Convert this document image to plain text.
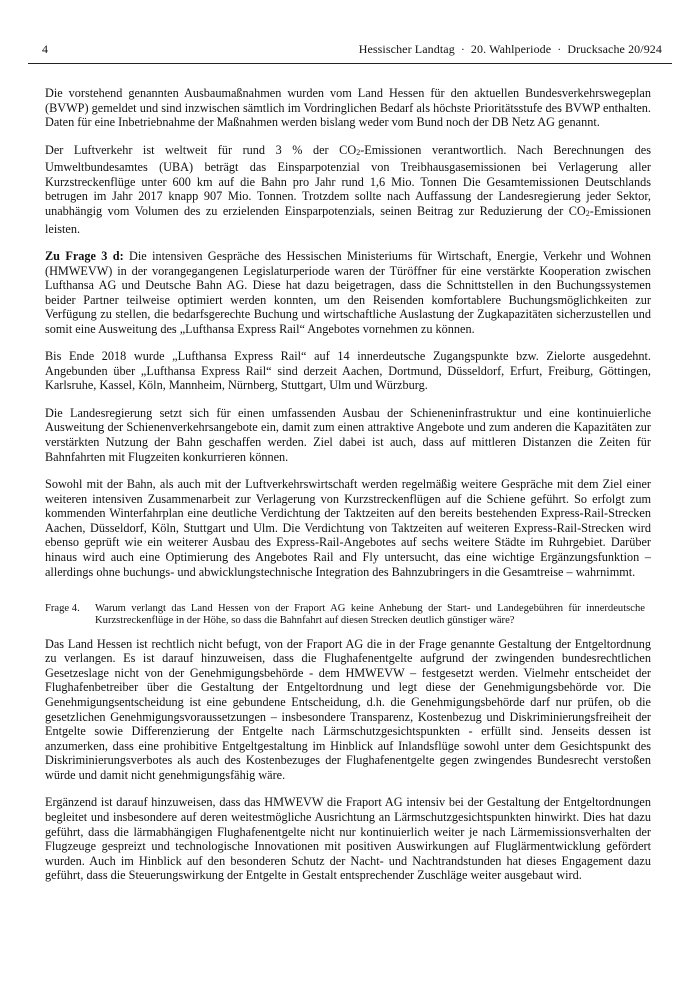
4	Hessischer Landtag · 20. Wahlperiode · Drucksache 20/924

Die vorstehend genannten Ausbaumaßnahmen wurden vom Land Hessen für den aktuellen Bundesverkehrswegeplan (BVWP) gemeldet und sind inzwischen sämtlich im Vordringlichen Bedarf als höchste Prioritätsstufe des BVWP enthalten. Daten für eine Inbetriebnahme der Maßnahmen werden bislang weder vom Bund noch der DB Netz AG genannt.

Der Luftverkehr ist weltweit für rund 3 % der $CO_2$-Emissionen verantwortlich. Nach Berechnungen des Umweltbundesamtes (UBA) beträgt das Einsparpotenzial von Treibhausgasemissionen bei Verlagerung aller Kurzstreckenflüge unter 600 km auf die Bahn pro Jahr rund 1,6 Mio. Tonnen Die Gesamtemissionen Deutschlands betrugen im Jahr 2017 knapp 907 Mio. Tonnen. Trotzdem sollte nach Auffassung der Landesregierung jeder Sektor, unabhängig vom Volumen des zu erzielenden Einsparpotenzials, seinen Beitrag zur Reduzierung der $CO_2$-Emissionen leisten.

Zu Frage 3 d: Die intensiven Gespräche des Hessischen Ministeriums für Wirtschaft, Energie, Verkehr und Wohnen (HMWEVW) in der vorangegangenen Legislaturperiode waren der Türöffner für eine verstärkte Kooperation zwischen Lufthansa AG und Deutsche Bahn AG. Diese hat dazu beigetragen, dass die Schnittstellen in den Buchungssystemen beider Partner teilweise optimiert werden konnten, um den Reisenden komfortablere Buchungsmöglichkeiten zur Verfügung zu stellen, die bedarfsgerechte Buchung und wirtschaftliche Auslastung der Zugkapazitäten sicherzustellen und somit eine Ausweitung des „Lufthansa Express Rail“ Angebotes vornehmen zu können.

Bis Ende 2018 wurde „Lufthansa Express Rail“ auf 14 innerdeutsche Zugangspunkte bzw. Zielorte ausgedehnt. Angebunden über „Lufthansa Express Rail“ sind derzeit Aachen, Dortmund, Düsseldorf, Erfurt, Freiburg, Göttingen, Karlsruhe, Kassel, Köln, Mannheim, Nürnberg, Stuttgart, Ulm und Würzburg.

Die Landesregierung setzt sich für einen umfassenden Ausbau der Schieneninfrastruktur und eine kontinuierliche Ausweitung der Schienenverkehrsangebote ein, damit zum einen attraktive Angebote und zum anderen die Kapazitäten zur verstärkten Nutzung der Bahn geschaffen werden. Ziel dabei ist auch, dass auf mittleren Distanzen die Zeiten für Bahnfahrten mit Flugzeiten konkurrieren können.

Sowohl mit der Bahn, als auch mit der Luftverkehrswirtschaft werden regelmäßig weitere Gespräche mit dem Ziel einer weiteren intensiven Zusammenarbeit zur Verlagerung von Kurzstreckenflügen auf die Schiene geführt. So erfolgt zum kommenden Winterfahrplan eine deutliche Verdichtung der Taktzeiten auf den bereits bestehenden Express-Rail-Strecken Aachen, Düsseldorf, Köln, Stuttgart und Ulm. Die Verdichtung von Taktzeiten auf weiteren Express-Rail-Strecken wird ebenso geprüft wie ein weiterer Ausbau des Express-Rail-Angebotes auf sechs weitere Städte im Ruhrgebiet. Darüber hinaus wird auch eine Optimierung des Angebotes Rail and Fly untersucht, das eine wichtige Ergänzungsfunktion – allerdings ohne buchungs- und abwicklungstechnische Integration des Bahnzubringers in die Gesamtreise – wahrnimmt.

Frage 4.	Warum verlangt das Land Hessen von der Fraport AG keine Anhebung der Start- und Landegebühren für innerdeutsche Kurzstreckenflüge in der Höhe, so dass die Bahnfahrt auf diesen Strecken deutlich günstiger wäre?

Das Land Hessen ist rechtlich nicht befugt, von der Fraport AG die in der Frage genannte Gestaltung der Entgeltordnung zu verlangen. Es ist darauf hinzuweisen, dass die Flughafenentgelte aufgrund der zwingenden bundesrechtlichen Gesetzeslage nicht von der Genehmigungsbehörde - dem HMWEVW – festgesetzt werden. Vielmehr entscheidet der Flughafenbetreiber über die Gestaltung der Entgeltordnung und legt diese der Genehmigungsbehörde vor. Die Genehmigungsentscheidung ist eine gebundene Entscheidung, d.h. die Genehmigungsbehörde darf nur prüfen, ob die gesetzlichen Genehmigungsvoraussetzungen – insbesondere Transparenz, Kostenbezug und Diskriminierungsfreiheit der Entgelte sowie Differenzierung der Entgelte nach Lärmschutzgesichtspunkten - erfüllt sind. Jenseits dessen ist anzumerken, dass eine prohibitive Entgeltgestaltung im Hinblick auf Inlandsflüge sowohl unter dem Gesichtspunkt des Diskriminierungsverbotes als auch des Kostenbezuges der Flughafenentgelte gegen zwingendes Bundesrecht verstoßen würde und damit nicht genehmigungsfähig wäre.

Ergänzend ist darauf hinzuweisen, dass das HMWEVW die Fraport AG intensiv bei der Gestaltung der Entgeltordnungen begleitet und insbesondere auf deren weitestmögliche Ausrichtung an Lärmschutzgesichtspunkten hinwirkt. Dies hat dazu geführt, dass die lärmabhängigen Flughafenentgelte nicht nur kontinuierlich weiter je nach Lärmemissionsverhalten der Flugzeuge gespreizt und technologische Innovationen mit positiven Auswirkungen auf Fluglärmentwicklung gefördert wurden. Auch im Hinblick auf den besonderen Schutz der Nacht- und Nachtrandstunden hat dieses Engagement dazu geführt, dass die Steuerungswirkung der Entgelte in Gestalt entsprechender Zuschläge weiter ausgebaut wird.
